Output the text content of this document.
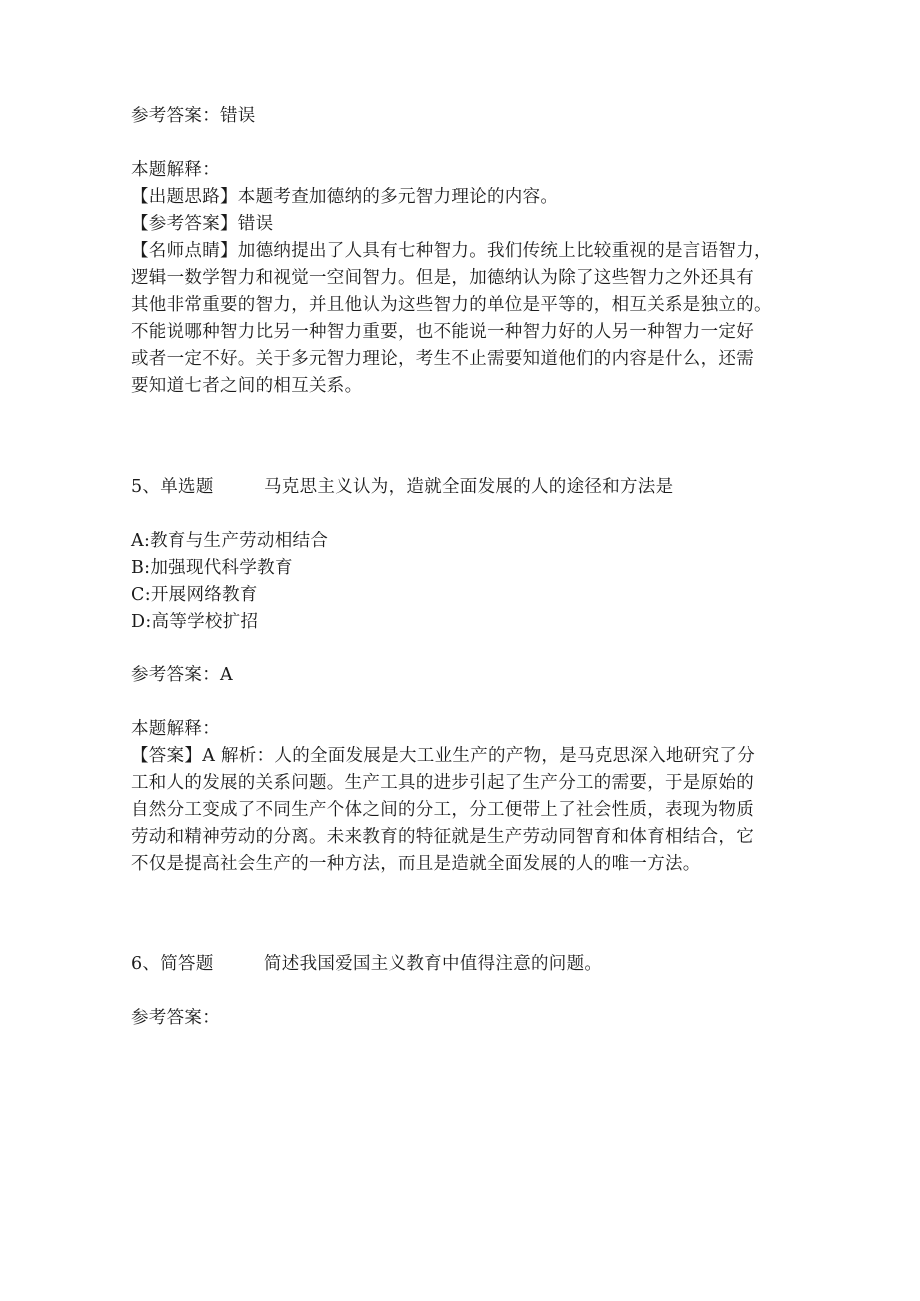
参考答案：错误
本题解释：
【出题思路】本题考查加德纳的多元智力理论的内容。
【参考答案】错误
【名师点睛】加德纳提出了人具有七种智力。我们传统上比较重视的是言语智力，
逻辑一数学智力和视觉一空间智力。但是，加德纳认为除了这些智力之外还具有
其他非常重要的智力，并且他认为这些智力的单位是平等的，相互关系是独立的。
不能说哪种智力比另一种智力重要，也不能说一种智力好的人另一种智力一定好
或者一定不好。关于多元智力理论，考生不止需要知道他们的内容是什么，还需
要知道七者之间的相互关系。
5、单选题	马克思主义认为，造就全面发展的人的途径和方法是
A:教育与生产劳动相结合
B:加强现代科学教育
C:开展网络教育
D:高等学校扩招
参考答案：A
本题解释：
【答案】A 解析：人的全面发展是大工业生产的产物，是马克思深入地研究了分
工和人的发展的关系问题。生产工具的进步引起了生产分工的需要，于是原始的
自然分工变成了不同生产个体之间的分工，分工便带上了社会性质，表现为物质
劳动和精神劳动的分离。未来教育的特征就是生产劳动同智育和体育相结合，它
不仅是提高社会生产的一种方法，而且是造就全面发展的人的唯一方法。
6、简答题	简述我国爱国主义教育中值得注意的问题。
参考答案：
